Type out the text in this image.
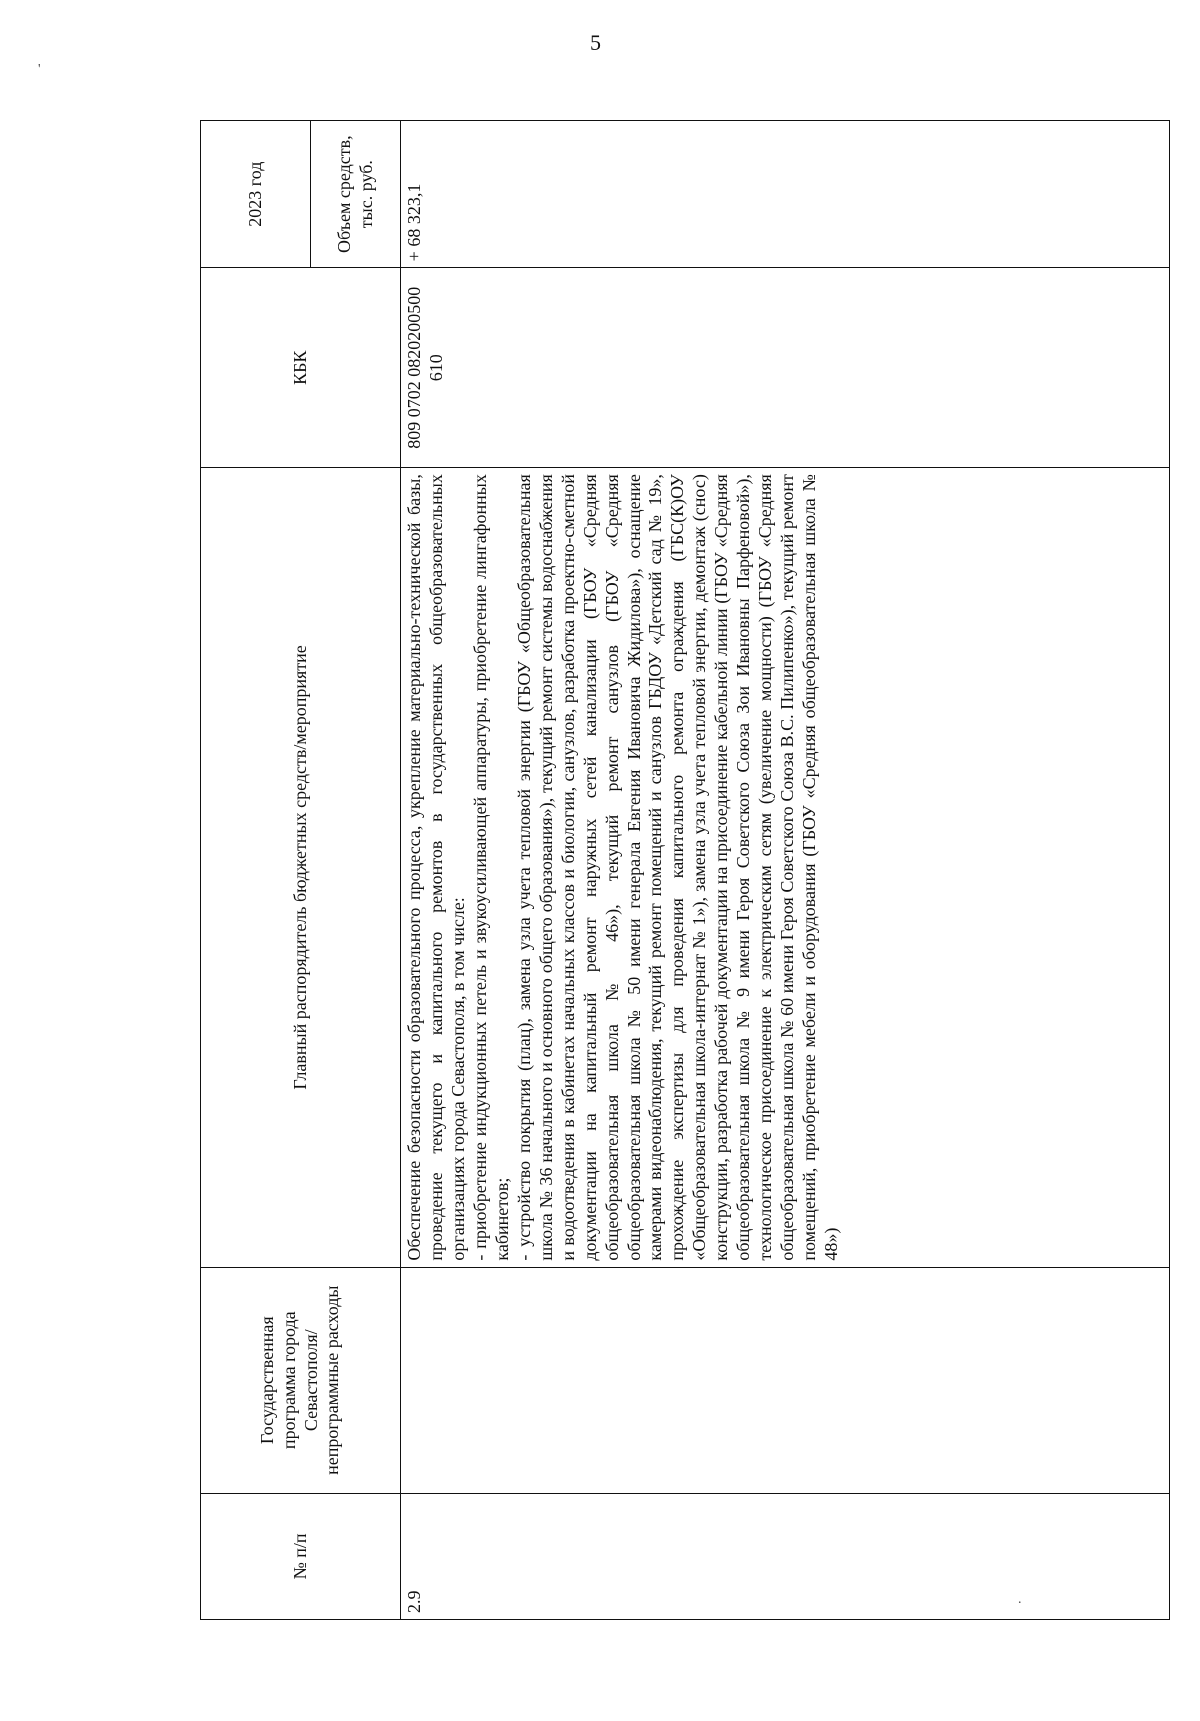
5
'
.
№ п/п	Государственная программа города Севастополя/ непрограммные расходы	Главный распорядитель бюджетных средств/мероприятие	КБК	2023 год
				Объем средств, тыс. руб.
2.9		Обеспечение безопасности образовательного процесса, укрепление материально-технической базы, проведение текущего и капитального ремонтов в государственных общеобразовательных организациях города Севастополя, в том числе: - приобретение индукционных петель и звукоусиливающей аппаратуры, приобретение лингафонных кабинетов; - устройство покрытия (плац), замена узла учета тепловой энергии (ГБОУ «Общеобразовательная школа № 36 начального и основного общего образования»), текущий ремонт системы водоснабжения и водоотведения в кабинетах начальных классов и биологии, санузлов, разработка проектно-сметной документации на капитальный ремонт наружных сетей канализации (ГБОУ «Средняя общеобразовательная школа № 46»), текущий ремонт санузлов (ГБОУ «Средняя общеобразовательная школа № 50 имени генерала Евгения Ивановича Жидилова»), оснащение камерами видеонаблюдения, текущий ремонт помещений и санузлов ГБДОУ «Детский сад № 19», прохождение экспертизы для проведения капитального ремонта ограждения (ГБС(К)ОУ «Общеобразовательная школа-интернат № 1»), замена узла учета тепловой энергии, демонтаж (снос) конструкции, разработка рабочей документации на присоединение кабельной линии (ГБОУ «Средняя общеобразовательная школа № 9 имени Героя Советского Союза Зои Ивановны Парфеновой»), технологическое присоединение к электрическим сетям (увеличение мощности) (ГБОУ «Средняя общеобразовательная школа № 60 имени Героя Советского Союза В.С. Пилипенко»), текущий ремонт помещений, приобретение мебели и оборудования (ГБОУ «Средняя общеобразовательная школа № 48»)	809 0702 0820200500 610	+ 68 323,1
